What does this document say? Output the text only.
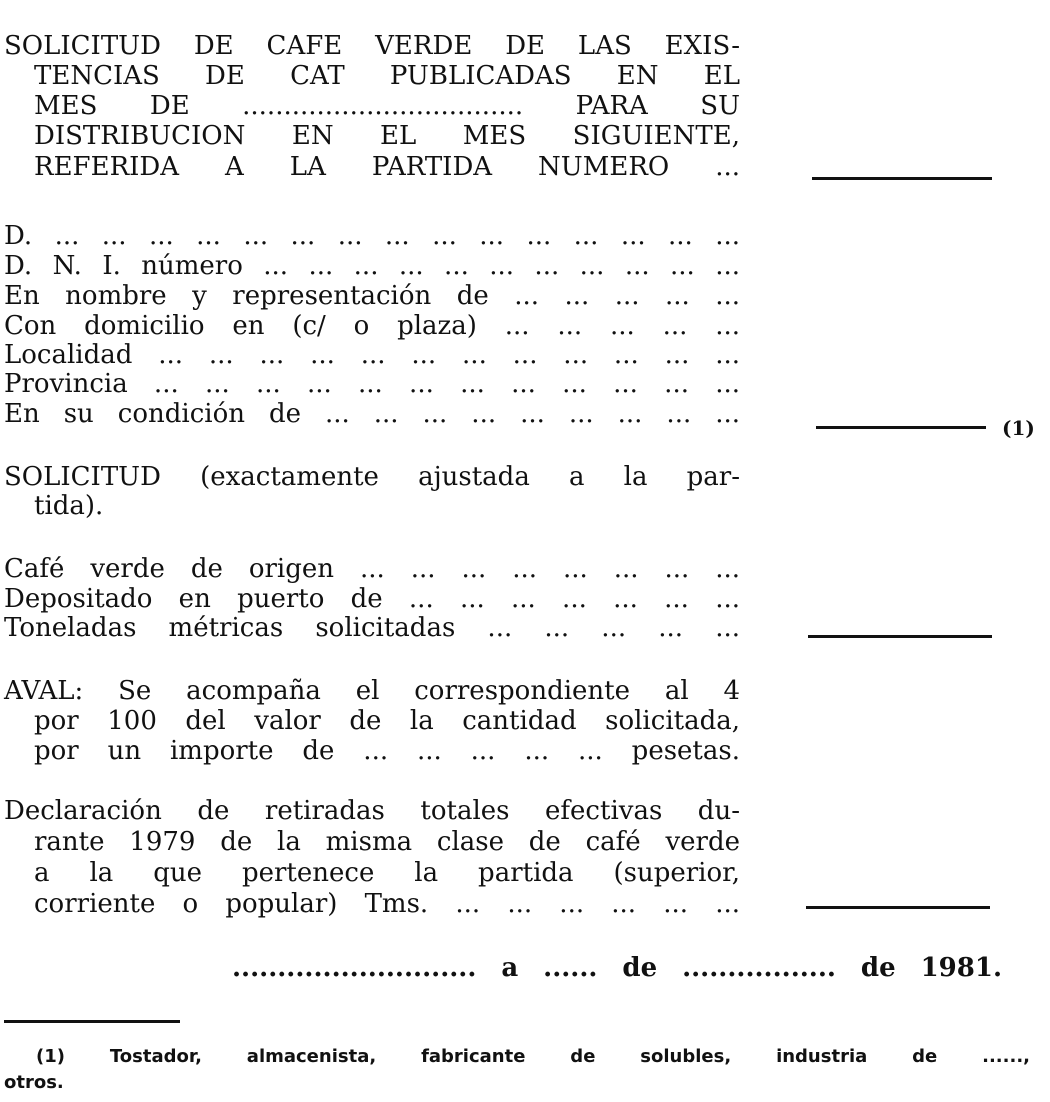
SOLICITUD DE CAFE VERDE DE LAS EXIS-
TENCIAS DE CAT PUBLICADAS EN EL
MES DE .................................. PARA SU
DISTRIBUCION EN EL MES SIGUIENTE,
REFERIDA A LA PARTIDA NUMERO ...
D. ... ... ... ... ... ... ... ... ... ... ... ... ... ... ...
D. N. I. número ... ... ... ... ... ... ... ... ... ... ...
En nombre y representación de ... ... ... ... ...
Con domicilio en (c/ o plaza) ... ... ... ... ...
Localidad ... ... ... ... ... ... ... ... ... ... ... ...
Provincia ... ... ... ... ... ... ... ... ... ... ... ...
En su condición de ... ... ... ... ... ... ... ... ...	(1)
SOLICITUD (exactamente ajustada a la par-
tida).
Café verde de origen ... ... ... ... ... ... ... ...
Depositado en puerto de ... ... ... ... ... ... ...
Toneladas métricas solicitadas ... ... ... ... ...
AVAL: Se acompaña el correspondiente al 4
por 100 del valor de la cantidad solicitada,
por un importe de ... ... ... ... ... pesetas.
Declaración de retiradas totales efectivas du-
rante 1979 de la misma clase de café verde
a la que pertenece la partida (superior,
corriente o popular) Tms. ... ... ... ... ... ...
........................... a ...... de ................. de 1981.
(1) Tostador, almacenista, fabricante de solubles, industria de ......,
otros.
